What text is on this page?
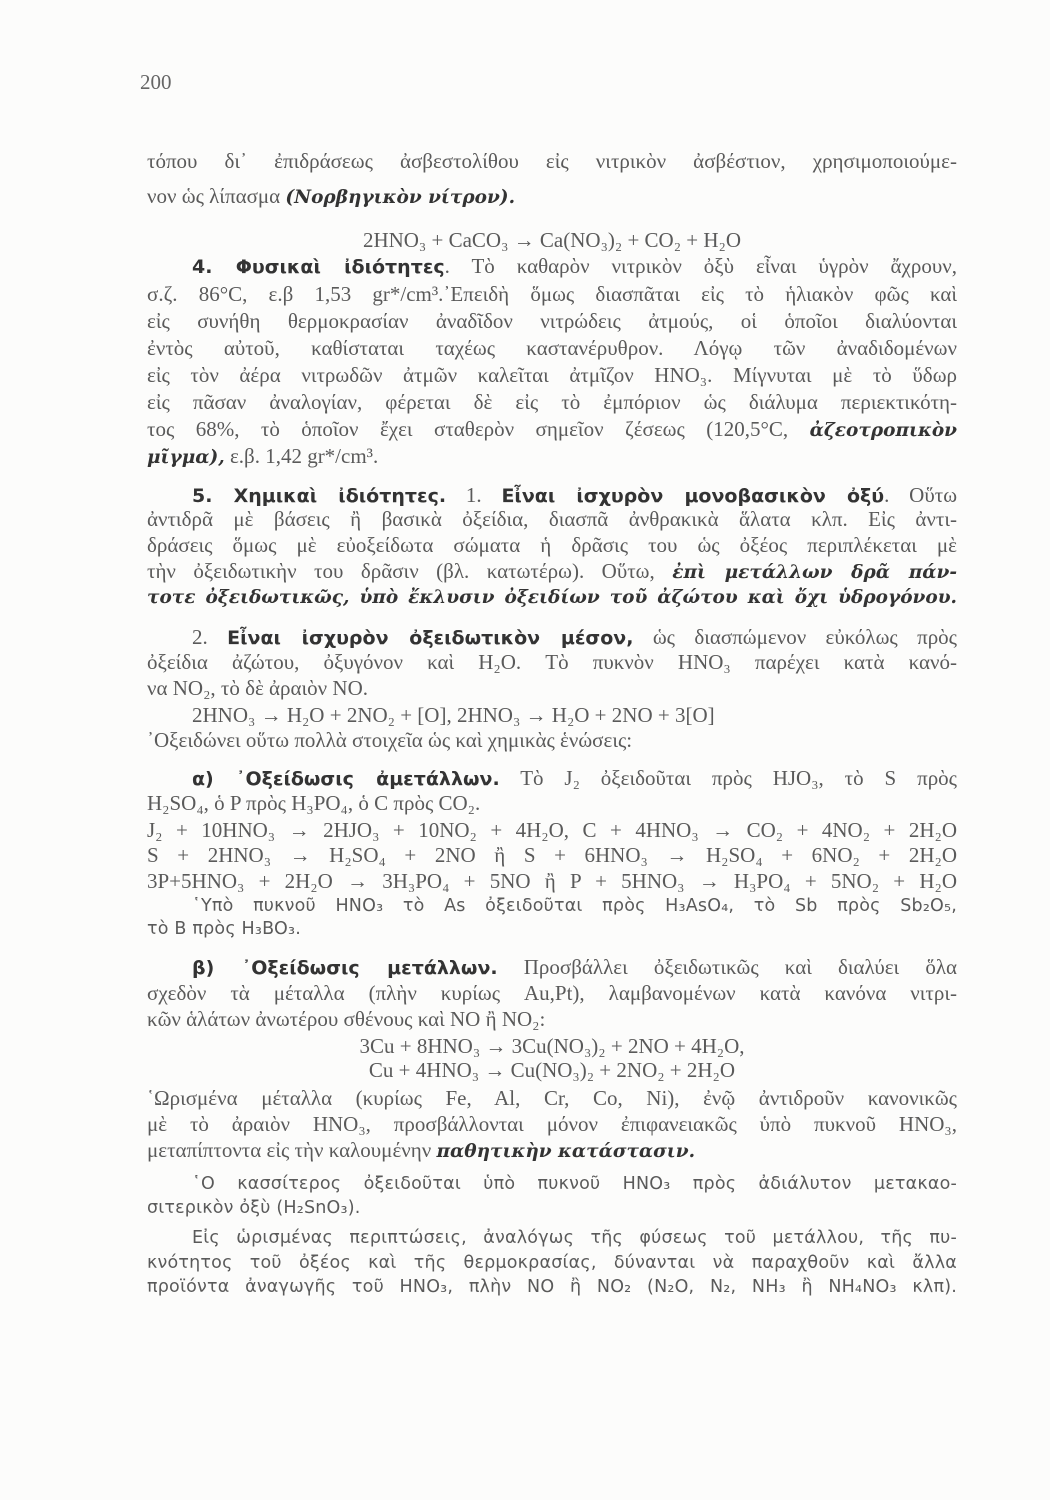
200
τόπου δι᾽ ἐπιδράσεως ἀσβεστολίθου εἰς νιτρικὸν ἀσβέστιον, χρησιμοποιούμε-
νον ὡς λίπασμα (Νορβηγικὸν νίτρον).
2HNO₃ + CaCO₃ → Ca(NO₃)₂ + CO₂ + H₂O
4. Φυσικαὶ ἰδιότητες. Τὸ καθαρὸν νιτρικὸν ὀξὺ εἶναι ὑγρὸν ἄχρουν,
σ.ζ. 86°C, ε.β 1,53 gr*/cm³.᾽Επειδὴ ὅμως διασπᾶται εἰς τὸ ἡλιακὸν φῶς καὶ
εἰς συνήθη θερμοκρασίαν ἀναδῖδον νιτρώδεις ἀτμούς, οἱ ὁποῖοι διαλύονται
ἐντὸς αὐτοῦ, καθίσταται ταχέως καστανέρυθρον. Λόγῳ τῶν ἀναδιδομένων
εἰς τὸν ἀέρα νιτρωδῶν ἀτμῶν καλεῖται ἀτμῖζον HNO₃. Μίγνυται μὲ τὸ ὕδωρ
εἰς πᾶσαν ἀναλογίαν, φέρεται δὲ εἰς τὸ ἐμπόριον ὡς διάλυμα περιεκτικότη-
τος 68%, τὸ ὁποῖον ἔχει σταθερὸν σημεῖον ζέσεως (120,5°C, ἀζεοτροπικὸν
μῖγμα), ε.β. 1,42 gr*/cm³.
5. Χημικαὶ ἰδιότητες. 1. Εἶναι ἰσχυρὸν μονοβασικὸν ὀξύ. Οὕτω
ἀντιδρᾶ μὲ βάσεις ἢ βασικὰ ὀξείδια, διασπᾶ ἀνθρακικὰ ἅλατα κλπ. Εἰς ἀντι-
δράσεις ὅμως μὲ εὐοξείδωτα σώματα ἡ δρᾶσις του ὡς ὀξέος περιπλέκεται μὲ
τὴν ὀξειδωτικὴν του δρᾶσιν (βλ. κατωτέρω). Οὕτω, ἐπὶ μετάλλων δρᾶ πάν-
τοτε ὀξειδωτικῶς, ὑπὸ ἔκλυσιν ὀξειδίων τοῦ ἀζώτου καὶ ὄχι ὑδρογόνου.
2. Εἶναι ἰσχυρὸν ὀξειδωτικὸν μέσον, ὡς διασπώμενον εὐκόλως πρὸς
ὀξείδια ἀζώτου, ὀξυγόνον καὶ H₂O. Τὸ πυκνὸν HNO₃ παρέχει κατὰ κανό-
να NO₂, τὸ δὲ ἀραιὸν NO.
2HNO₃ → H₂O + 2NO₂ + [O], 2HNO₃ → H₂O + 2NO + 3[O]
᾽Οξειδώνει οὕτω πολλὰ στοιχεῖα ὡς καὶ χημικὰς ἑνώσεις:
α) ᾽Οξείδωσις ἀμετάλλων. Τὸ J₂ ὀξειδοῦται πρὸς HJO₃, τὸ S πρὸς
H₂SO₄, ὁ P πρὸς H₃PO₄, ὁ C πρὸς CO₂.
J₂ + 10HNO₃ → 2HJO₃ + 10NO₂ + 4H₂O, C + 4HNO₃ → CO₂ + 4NO₂ + 2H₂O
S + 2HNO₃ → H₂SO₄ + 2NO ἢ S + 6HNO₃ → H₂SO₄ + 6NO₂ + 2H₂O
3P+5HNO₃ + 2H₂O → 3H₃PO₄ + 5NO ἢ P + 5HNO₃ → H₃PO₄ + 5NO₂ + H₂O
῾Υπὸ πυκνοῦ HNO₃ τὸ As ὀξειδοῦται πρὸς H₃AsO₄, τὸ Sb πρὸς Sb₂O₅,
τὸ B πρὸς H₃BO₃.
β) ᾽Οξείδωσις μετάλλων. Προσβάλλει ὀξειδωτικῶς καὶ διαλύει ὅλα
σχεδὸν τὰ μέταλλα (πλὴν κυρίως Au,Pt), λαμβανομένων κατὰ κανόνα νιτρι-
κῶν ἁλάτων ἀνωτέρου σθένους καὶ NO ἢ NO₂:
3Cu + 8HNO₃ → 3Cu(NO₃)₂ + 2NO + 4H₂O,
Cu + 4HNO₃ → Cu(NO₃)₂ + 2NO₂ + 2H₂O
῾Ωρισμένα μέταλλα (κυρίως Fe, Al, Cr, Co, Ni), ἐνῷ ἀντιδροῦν κανονικῶς
μὲ τὸ ἀραιὸν HNO₃, προσβάλλονται μόνον ἐπιφανειακῶς ὑπὸ πυκνοῦ HNO₃,
μεταπίπτοντα εἰς τὴν καλουμένην παθητικὴν κατάστασιν.
῾Ο κασσίτερος ὀξειδοῦται ὑπὸ πυκνοῦ HNO₃ πρὸς ἀδιάλυτον μετακαο-
σιτερικὸν ὀξὺ (H₂SnO₃).
Εἰς ὡρισμένας περιπτώσεις, ἀναλόγως τῆς φύσεως τοῦ μετάλλου, τῆς πυ-
κνότητος τοῦ ὀξέος καὶ τῆς θερμοκρασίας, δύνανται νὰ παραχθοῦν καὶ ἄλλα
προϊόντα ἀναγωγῆς τοῦ HNO₃, πλὴν NO ἢ NO₂ (N₂O, N₂, NH₃ ἢ NH₄NO₃ κλπ).
